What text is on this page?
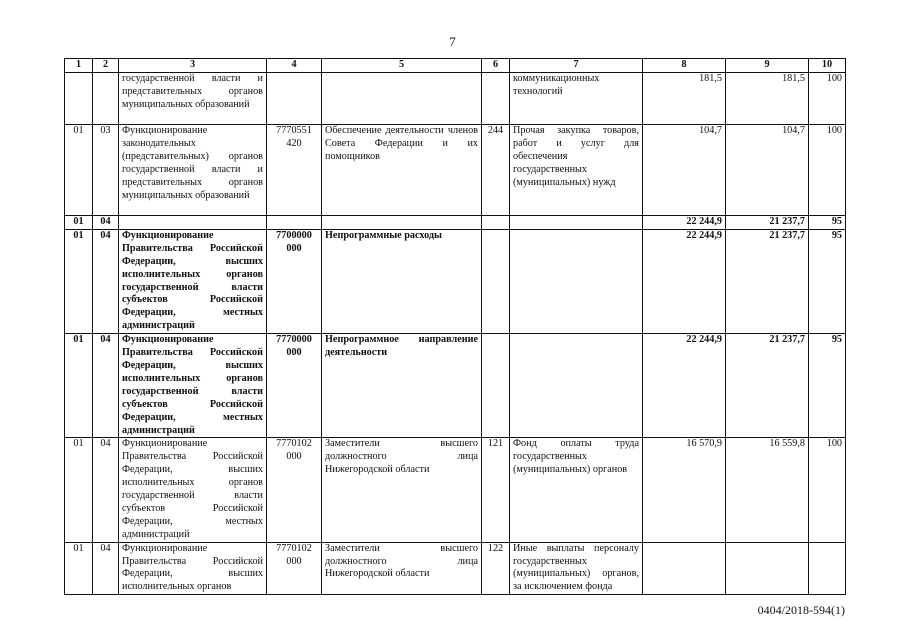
7
1	2	3	4	5	6	7	8	9	10
		государственной власти и представительных органов муниципальных образований				коммуникационных технологий	181,5	181,5	100
01	03	Функционирование законодательных (представительных) органов государственной власти и представительных органов муниципальных образований	7770551 420	Обеспечение деятельности членов Совета Федерации и их помощников	244	Прочая закупка товаров, работ и услуг для обеспечения государственных (муниципальных) нужд	104,7	104,7	100
01	04						22 244,9	21 237,7	95
01	04	Функционирование Правительства Российской Федерации, высших исполнительных органов государственной власти субъектов Российской Федерации, местных администраций	7700000 000	Непрограммные расходы			22 244,9	21 237,7	95
01	04	Функционирование Правительства Российской Федерации, высших исполнительных органов государственной власти субъектов Российской Федерации, местных администраций	7770000 000	Непрограммное направление деятельности			22 244,9	21 237,7	95
01	04	Функционирование Правительства Российской Федерации, высших исполнительных органов государственной власти субъектов Российской Федерации, местных администраций	7770102 000	Заместители высшего должностного лица Нижегородской области	121	Фонд оплаты труда государственных (муниципальных) органов	16 570,9	16 559,8	100
01	04	Функционирование Правительства Российской Федерации, высших исполнительных органов	7770102 000	Заместители высшего должностного лица Нижегородской области	122	Иные выплаты персоналу государственных (муниципальных) органов, за исключением фонда			
0404/2018-594(1)
